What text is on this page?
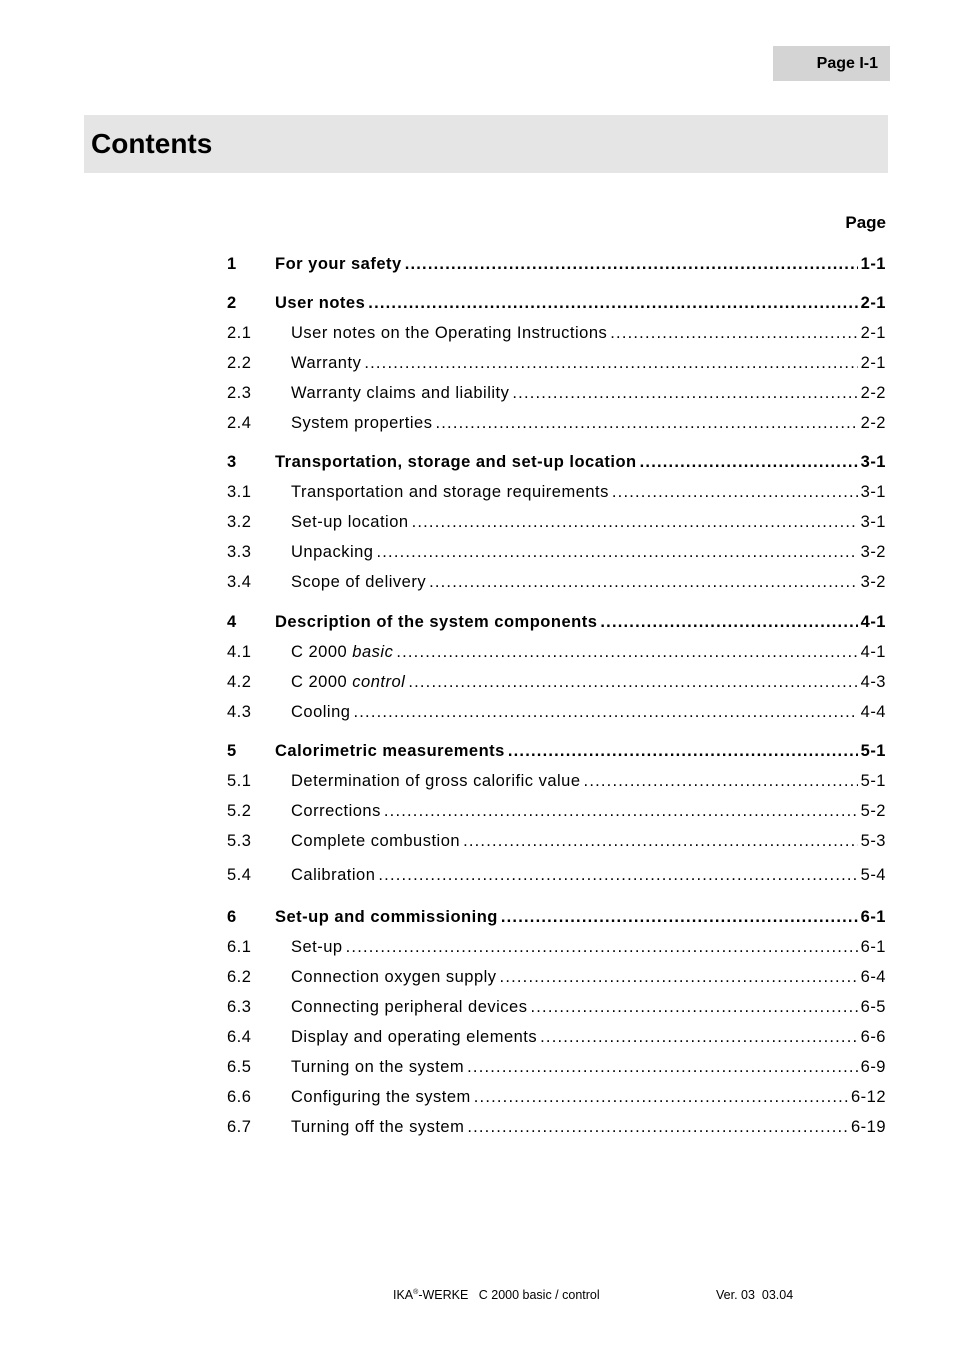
Page I-1
Contents
Page
1	For your safety .....	1-1
2	User notes .....	2-1
2.1	User notes on the Operating Instructions .....	2-1
2.2	Warranty .....	2-1
2.3	Warranty claims and liability .....	2-2
2.4	System properties .....	2-2
3	Transportation, storage and set-up location .....	3-1
3.1	Transportation and storage requirements .....	3-1
3.2	Set-up location .....	3-1
3.3	Unpacking .....	3-2
3.4	Scope of delivery .....	3-2
4	Description of the system components .....	4-1
4.1	C 2000 basic .....	4-1
4.2	C 2000 control .....	4-3
4.3	Cooling .....	4-4
5	Calorimetric measurements .....	5-1
5.1	Determination of gross calorific value .....	5-1
5.2	Corrections .....	5-2
5.3	Complete combustion .....	5-3
5.4	Calibration .....	5-4
6	Set-up and commissioning .....	6-1
6.1	Set-up .....	6-1
6.2	Connection oxygen supply .....	6-4
6.3	Connecting peripheral devices .....	6-5
6.4	Display and operating elements .....	6-6
6.5	Turning on the system .....	6-9
6.6	Configuring the system .....	6-12
6.7	Turning off the system .....	6-19
IKA®-WERKE   C 2000 basic / control	Ver. 03  03.04
